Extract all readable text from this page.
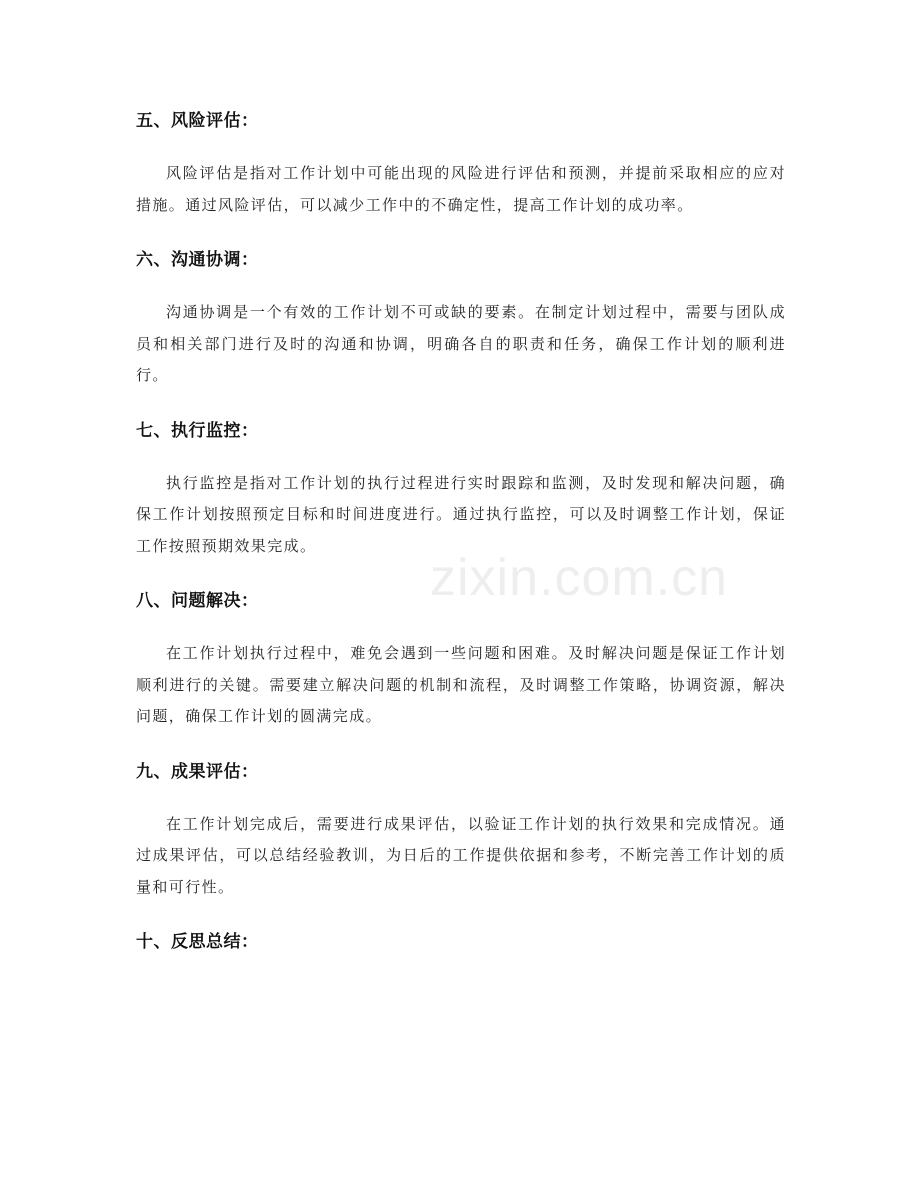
五、风险评估：

风险评估是指对工作计划中可能出现的风险进行评估和预测，并提前采取相应的应对措施。通过风险评估，可以减少工作中的不确定性，提高工作计划的成功率。

六、沟通协调：

沟通协调是一个有效的工作计划不可或缺的要素。在制定计划过程中，需要与团队成员和相关部门进行及时的沟通和协调，明确各自的职责和任务，确保工作计划的顺利进行。

七、执行监控：

执行监控是指对工作计划的执行过程进行实时跟踪和监测，及时发现和解决问题，确保工作计划按照预定目标和时间进度进行。通过执行监控，可以及时调整工作计划，保证工作按照预期效果完成。

八、问题解决：

在工作计划执行过程中，难免会遇到一些问题和困难。及时解决问题是保证工作计划顺利进行的关键。需要建立解决问题的机制和流程，及时调整工作策略，协调资源，解决问题，确保工作计划的圆满完成。

九、成果评估：

在工作计划完成后，需要进行成果评估，以验证工作计划的执行效果和完成情况。通过成果评估，可以总结经验教训，为日后的工作提供依据和参考，不断完善工作计划的质量和可行性。

十、反思总结：
zixin.com.cn
